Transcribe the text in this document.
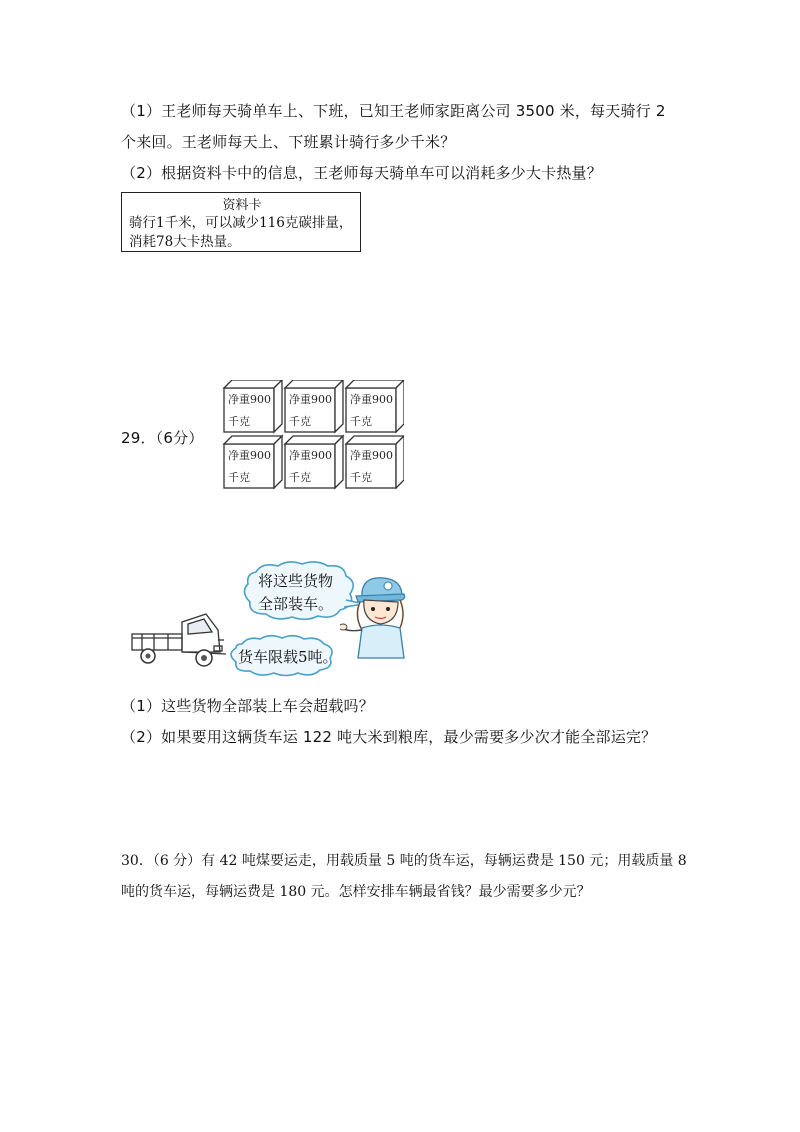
（1）王老师每天骑单车上、下班，已知王老师家距离公司 3500 米，每天骑行 2
个来回。王老师每天上、下班累计骑行多少千米？
（2）根据资料卡中的信息，王老师每天骑单车可以消耗多少大卡热量？
资料卡
骑行1千米，可以减少116克碳排量，
消耗78大卡热量。
29．（6分）
净重900
千克
净重900
千克
净重900
千克
净重900
千克
净重900
千克
净重900
千克
货车限载5吨。
将这些货物
全部装车。
（1）这些货物全部装上车会超载吗？
（2）如果要用这辆货车运 122 吨大米到粮库，最少需要多少次才能全部运完？
30．（6 分）有 42 吨煤要运走，用载质量 5 吨的货车运，每辆运费是 150 元；用载质量 8
吨的货车运，每辆运费是 180 元。怎样安排车辆最省钱？最少需要多少元？
